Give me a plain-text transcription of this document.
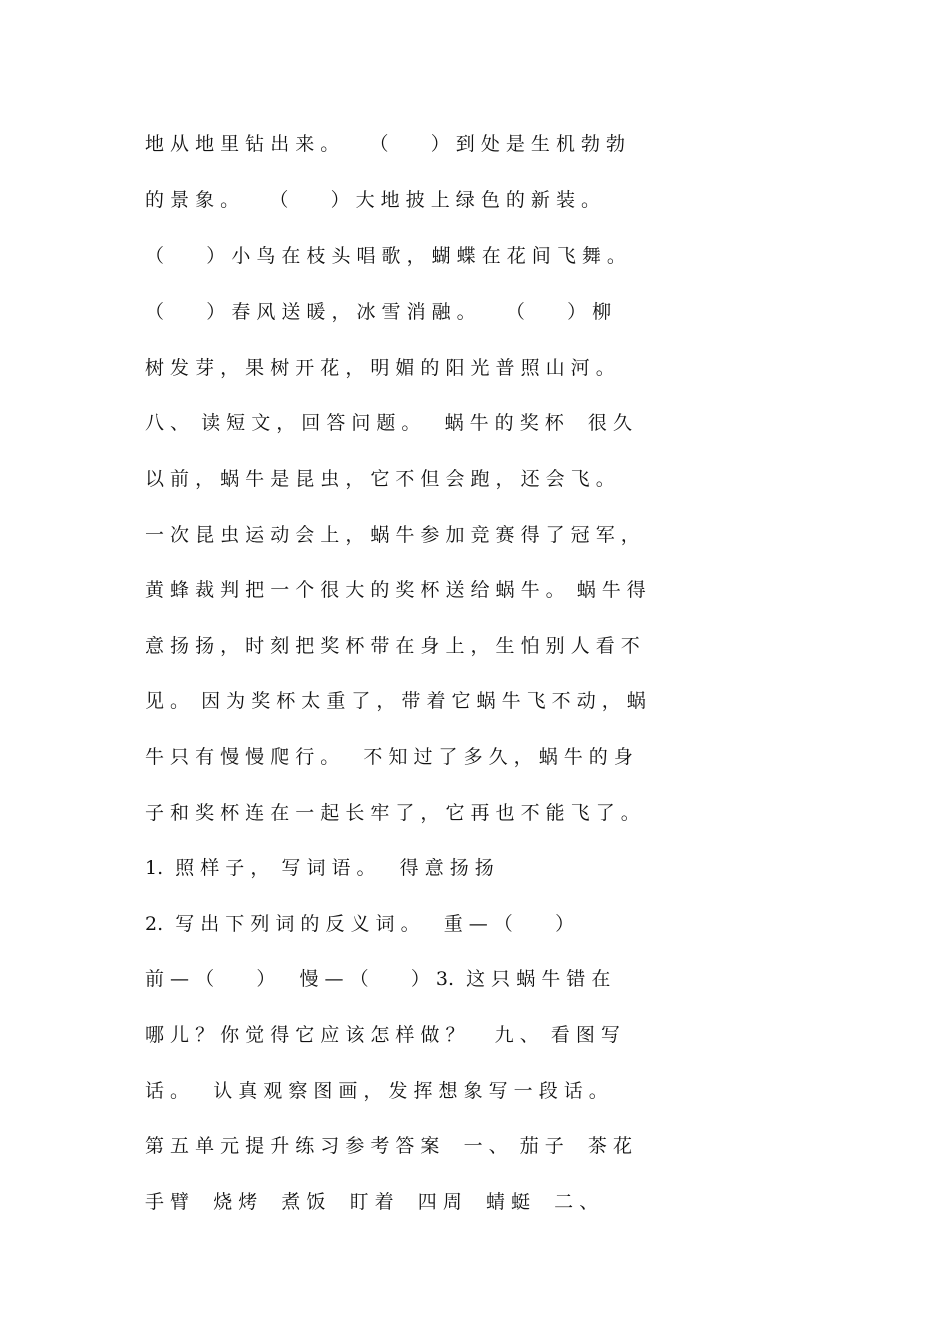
地 从 地 里 钻 出 来 。     （       ） 到 处 是 生 机 勃 勃
的 景 象 。     （       ） 大 地 披 上 绿 色 的 新 装 。
（       ） 小 鸟 在 枝 头 唱 歌 ， 蝴 蝶 在 花 间 飞 舞 。
（       ） 春 风 送 暖 ， 冰 雪 消 融 。     （       ） 柳
树 发 芽 ， 果 树 开 花 ， 明 媚 的 阳 光 普 照 山 河 。
八 、  读 短 文 ， 回 答 问 题 。    蜗 牛 的 奖 杯    很 久
以 前 ， 蜗 牛 是 昆 虫 ， 它 不 但 会 跑 ， 还 会 飞 。
一 次 昆 虫 运 动 会 上 ， 蜗 牛 参 加 竞 赛 得 了 冠 军 ，
黄 蜂 裁 判 把 一 个 很 大 的 奖 杯 送 给 蜗 牛 。  蜗 牛 得
意 扬 扬 ， 时 刻 把 奖 杯 带 在 身 上 ， 生 怕 别 人 看 不
见 。  因 为 奖 杯 太 重 了 ， 带 着 它 蜗 牛 飞 不 动 ， 蜗
牛 只 有 慢 慢 爬 行 。    不 知 过 了 多 久 ， 蜗 牛 的 身
子 和 奖 杯 连 在 一 起 长 牢 了 ， 它 再 也 不 能 飞 了 。
1.  照 样 子 ，  写 词 语 。    得 意 扬 扬
2.  写 出 下 列 词 的 反 义 词 。    重 — （       ）
前 — （       ）    慢 — （       ） 3.  这 只 蜗 牛 错 在
哪 儿 ？ 你 觉 得 它 应 该 怎 样 做 ？     九 、  看 图 写
话 。    认 真 观 察 图 画 ， 发 挥 想 象 写 一 段 话 。
第 五 单 元 提 升 练 习 参 考 答 案    一 、  茄 子    茶 花
手 臂    烧 烤    煮 饭    盯 着    四 周    蜻 蜓    二 、
